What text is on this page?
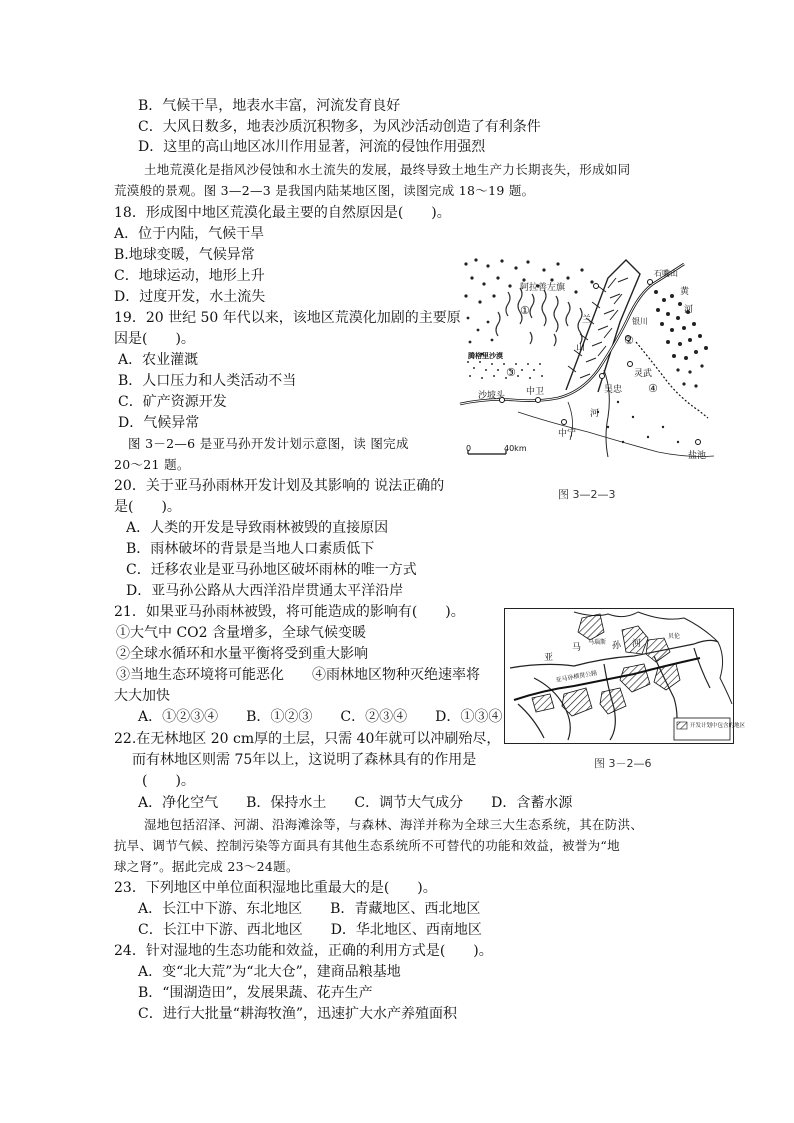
B．气候干旱，地表水丰富，河流发育良好
C．大风日数多，地表沙质沉积物多，为风沙活动创造了有利条件
D．这里的高山地区冰川作用显著，河流的侵蚀作用强烈
土地荒漠化是指风沙侵蚀和水土流失的发展，最终导致土地生产力长期丧失，形成如同
荒漠般的景观。图 3—2—3 是我国内陆某地区图，读图完成 18～19 题。
18．形成图中地区荒漠化最主要的自然原因是(　　)。
A．位于内陆，气候干旱
B.地球变暖，气候异常
C．地球运动，地形上升
D．过度开发，水土流失
19．20 世纪 50 年代以来，该地区荒漠化加剧的主要原
因是(　　)。
A．农业灌溉
B．人口压力和人类活动不当
C．矿产资源开发
D．气候异常
图 3－2—6 是亚马孙开发计划示意图，读 图完成
20～21 题。
20．关于亚马孙雨林开发计划及其影响的 说法正确的
是(　　)。
A．人类的开发是导致雨林被毁的直接原因
B．雨林破坏的背景是当地人口素质低下
C．迁移农业是亚马孙地区破坏雨林的唯一方式
D．亚马孙公路从大西洋沿岸贯通太平洋沿岸
21．如果亚马孙雨林被毁，将可能造成的影响有(　　)。
①大气中 CO2 含量增多，全球气候变暖
②全球水循环和水量平衡将受到重大影响
③当地生态环境将可能恶化　　④雨林地区物种灭绝速率将
大大加快
A．①②③④　　B．①②③　　C．②③④　　D．①③④
22.在无林地区 20 cm厚的土层，只需 40年就可以冲刷殆尽，
而有林地区则需 75年以上，这说明了森林具有的作用是
(　　)。
A．净化空气　　B．保持水土　　C．调节大气成分　　D．含蓄水源
湿地包括沼泽、河湖、沿海滩涂等，与森林、海洋并称为全球三大生态系统，其在防洪、
抗旱、调节气候、控制污染等方面具有其他生态系统所不可替代的功能和效益，被誉为“地
球之肾”。据此完成 23～24题。
23．下列地区中单位面积湿地比重最大的是(　　)。
A．长江中下游、东北地区　　B．青藏地区、西北地区
C．长江中下游、西北地区　　D．华北地区、西南地区
24．针对湿地的生态功能和效益，正确的利用方式是(　　)。
A．变“北大荒”为“北大仓”，建商品粮基地
B．“围湖造田”，发展果蔬、花卉生产
C．进行大批量“耕海牧渔”，迅速扩大水产养殖面积
阿拉善左旗
石嘴山
银川
腾格里沙漠
沙坡头 中卫
中宁
吴忠
灵武
盐池
河
黄
河
兰
山
①
②
③
④
0	40km
图 3—2—3
亚
马	孙 河
马瑙斯
贝伦
亚马孙横贯公路
开发计划中包含的地区
图 3－2—6
